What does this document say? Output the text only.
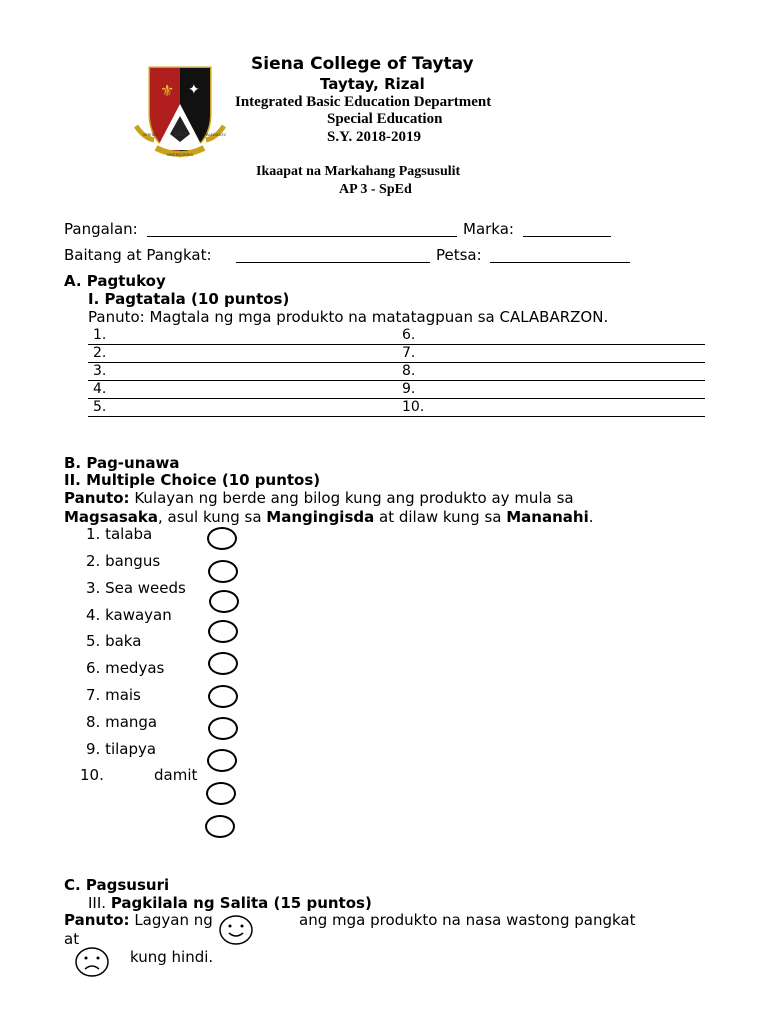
⚜ ✦
1957
VERITAS	PRAEDICATIO
MISERICORDIA
Siena College of Taytay
Taytay, Rizal
Integrated Basic Education Department
Special Education
S.Y. 2018-2019
Ikaapat na Markahang Pagsusulit
AP 3 - SpEd
Pangalan:	Marka:
Baitang at Pangkat:	Petsa:
A. Pagtukoy
I. Pagtatala (10 puntos)
Panuto: Magtala ng mga produkto na matatagpuan sa CALABARZON.
1.	6.
2.	7.
3.	8.
4.	9.
5.	10.
B. Pag-unawa
II. Multiple Choice (10 puntos)
Panuto: Kulayan ng berde ang bilog kung ang produkto ay mula sa
Magsasaka, asul kung sa Mangingisda at dilaw kung sa Mananahi.
1. talaba
2. bangus
3. Sea weeds
4. kawayan
5. baka
6. medyas
7. mais
8. manga
9. tilapya
10.	damit
C. Pagsusuri
III. Pagkilala ng Salita (15 puntos)
Panuto: Lagyan ng	ang mga produkto na nasa wastong pangkat
at
kung hindi.
